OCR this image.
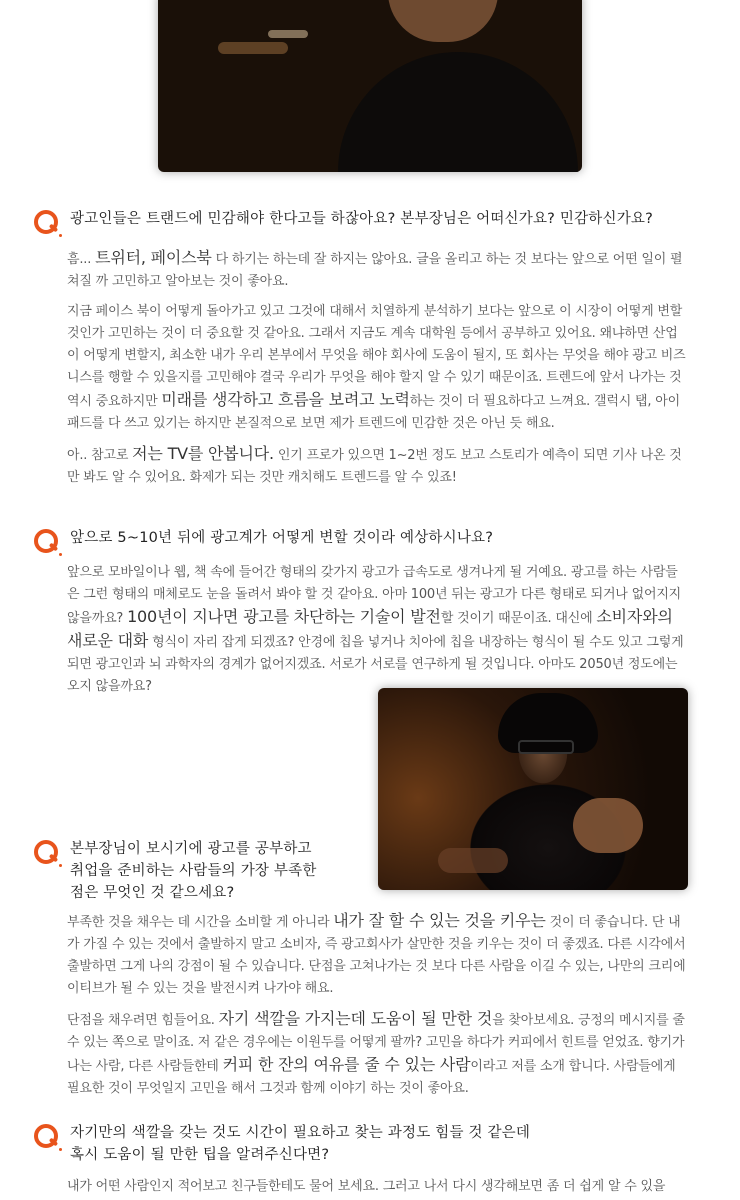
광고인들은 트랜드에 민감해야 한다고들 하잖아요? 본부장님은 어떠신가요? 민감하신가요?

흠... 트위터, 페이스북 다 하기는 하는데 잘 하지는 않아요. 글을 올리고 하는 것 보다는 앞으로 어떤 일이 펼쳐질 까 고민하고 알아보는 것이 좋아요.

지금 페이스 북이 어떻게 돌아가고 있고 그것에 대해서 치열하게 분석하기 보다는 앞으로 이 시장이 어떻게 변할 것인가 고민하는 것이 더 중요할 것 같아요. 그래서 지금도 계속 대학원 등에서 공부하고 있어요. 왜냐하면 산업이 어떻게 변할지, 최소한 내가 우리 본부에서 무엇을 해야 회사에 도움이 될지, 또 회사는 무엇을 해야 광고 비즈니스를 행할 수 있을지를 고민해야 결국 우리가 무엇을 해야 할지 알 수 있기 때문이죠. 트렌드에 앞서 나가는 것 역시 중요하지만 미래를 생각하고 흐름을 보려고 노력하는 것이 더 필요하다고 느껴요. 갤럭시 탭, 아이패드를 다 쓰고 있기는 하지만 본질적으로 보면 제가 트렌드에 민감한 것은 아닌 듯 해요.

아.. 참고로 저는 TV를 안봅니다. 인기 프로가 있으면 1~2번 정도 보고 스토리가 예측이 되면 기사 나온 것만 봐도 알 수 있어요. 화제가 되는 것만 캐치해도 트렌드를 알 수 있죠!

앞으로 5~10년 뒤에 광고계가 어떻게 변할 것이라 예상하시나요?

앞으로 모바일이나 웹, 책 속에 들어간 형태의 갖가지 광고가 급속도로 생겨나게 될 거예요. 광고를 하는 사람들은 그런 형태의 매체로도 눈을 돌려서 봐야 할 것 같아요. 아마 100년 뒤는 광고가 다른 형태로 되거나 없어지지 않을까요? 100년이 지나면 광고를 차단하는 기술이 발전할 것이기 때문이죠. 대신에 소비자와의 새로운 대화 형식이 자리 잡게 되겠죠? 안경에 칩을 넣거나 치아에 칩을 내장하는 형식이 될 수도 있고 그렇게 되면 광고인과 뇌 과학자의 경계가 없어지겠죠. 서로가 서로를 연구하게 될 것입니다. 아마도 2050년 정도에는 오지 않을까요?

본부장님이 보시기에 광고를 공부하고
취업을 준비하는 사람들의 가장 부족한
점은 무엇인 것 같으세요?

부족한 것을 채우는 데 시간을 소비할 게 아니라 내가 잘 할 수 있는 것을 키우는 것이 더 좋습니다. 단 내가 가질 수 있는 것에서 출발하지 말고 소비자, 즉 광고회사가 살만한 것을 키우는 것이 더 좋겠죠. 다른 시각에서 출발하면 그게 나의 강점이 될 수 있습니다. 단점을 고쳐나가는 것 보다 다른 사람을 이길 수 있는, 나만의 크리에이티브가 될 수 있는 것을 발전시켜 나가야 해요.

단점을 채우려면 힘들어요. 자기 색깔을 가지는데 도움이 될 만한 것을 찾아보세요. 긍정의 메시지를 줄 수 있는 쪽으로 말이죠. 저 같은 경우에는 이원두를 어떻게 팔까? 고민을 하다가 커피에서 힌트를 얻었죠. 향기가 나는 사람, 다른 사람들한테 커피 한 잔의 여유를 줄 수 있는 사람이라고 저를 소개 합니다. 사람들에게 필요한 것이 무엇일지 고민을 해서 그것과 함께 이야기 하는 것이 좋아요.

자기만의 색깔을 갖는 것도 시간이 필요하고 찾는 과정도 힘들 것 같은데
혹시 도움이 될 만한 팁을 알려주신다면?

내가 어떤 사람인지 적어보고 친구들한테도 물어 보세요. 그러고 나서 다시 생각해보면 좀 더 쉽게 알 수 있을
